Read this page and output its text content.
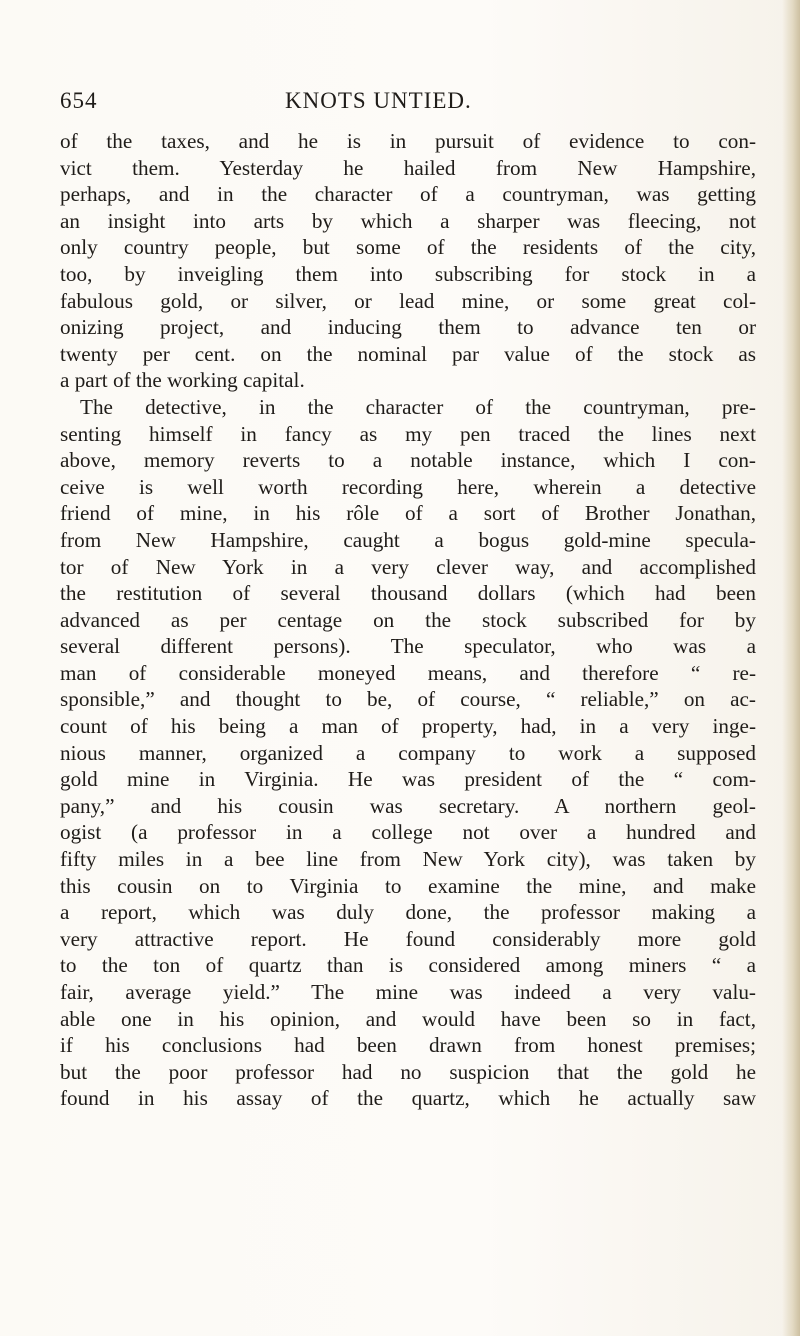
654	KNOTS UNTIED.
of the taxes, and he is in pursuit of evidence to con-
vict them. Yesterday he hailed from New Hampshire,
perhaps, and in the character of a countryman, was getting
an insight into arts by which a sharper was fleecing, not
only country people, but some of the residents of the city,
too, by inveigling them into subscribing for stock in a
fabulous gold, or silver, or lead mine, or some great col-
onizing project, and inducing them to advance ten or
twenty per cent. on the nominal par value of the stock as
a part of the working capital.
The detective, in the character of the countryman, pre-
senting himself in fancy as my pen traced the lines next
above, memory reverts to a notable instance, which I con-
ceive is well worth recording here, wherein a detective
friend of mine, in his rôle of a sort of Brother Jonathan,
from New Hampshire, caught a bogus gold-mine specula-
tor of New York in a very clever way, and accomplished
the restitution of several thousand dollars (which had been
advanced as per centage on the stock subscribed for by
several different persons). The speculator, who was a
man of considerable moneyed means, and therefore “ re-
sponsible,” and thought to be, of course, “ reliable,” on ac-
count of his being a man of property, had, in a very inge-
nious manner, organized a company to work a supposed
gold mine in Virginia. He was president of the “ com-
pany,” and his cousin was secretary. A northern geol-
ogist (a professor in a college not over a hundred and
fifty miles in a bee line from New York city), was taken by
this cousin on to Virginia to examine the mine, and make
a report, which was duly done, the professor making a
very attractive report. He found considerably more gold
to the ton of quartz than is considered among miners “ a
fair, average yield.” The mine was indeed a very valu-
able one in his opinion, and would have been so in fact,
if his conclusions had been drawn from honest premises;
but the poor professor had no suspicion that the gold he
found in his assay of the quartz, which he actually saw
